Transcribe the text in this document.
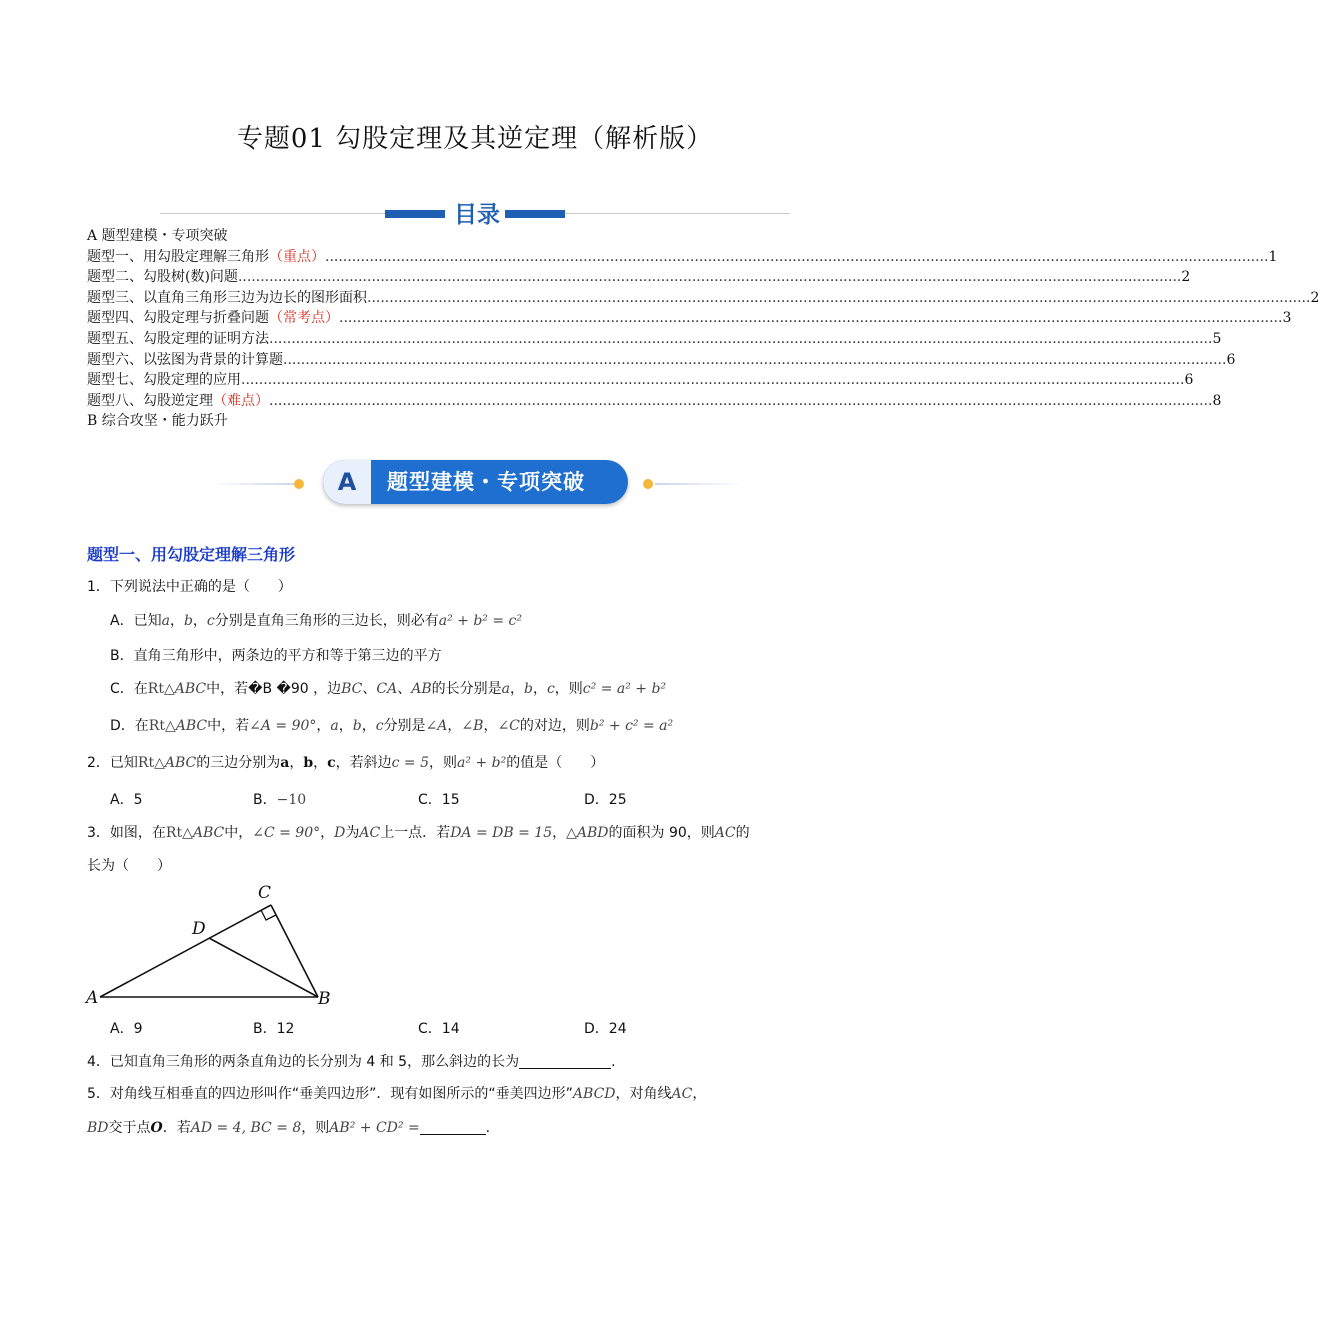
专题01 勾股定理及其逆定理（解析版）
目录
A 题型建模・专项突破
题型一、用勾股定理解三角形 （重点） .................................................................................................................................................................................................................... 1
题型二、勾股树(数)问题 .................................................................................................................................................................................................................... 2
题型三、以直角三角形三边为边长的图形面积 .................................................................................................................................................................................................................... 2
题型四、勾股定理与折叠问题 （常考点） .................................................................................................................................................................................................................... 3
题型五、勾股定理的证明方法 .................................................................................................................................................................................................................... 5
题型六、以弦图为背景的计算题 .................................................................................................................................................................................................................... 6
题型七、勾股定理的应用 .................................................................................................................................................................................................................... 6
题型八、勾股逆定理 （难点） .................................................................................................................................................................................................................... 8
B 综合攻坚・能力跃升
A	题型建模・专项突破
题型一、用勾股定理解三角形
1．下列说法中正确的是（　　）
A．已知a，b，c分别是直角三角形的三边长，则必有a² + b² = c²
B．直角三角形中，两条边的平方和等于第三边的平方
C．在Rt△ABC中，若�B �90 ，边BC、CA、AB的长分别是a，b，c，则c² = a² + b²
D．在Rt△ABC中，若∠A = 90°，a，b，c分别是∠A，∠B，∠C的对边，则b² + c² = a²
2．已知Rt△ABC的三边分别为a，b，c，若斜边c = 5，则a² + b²的值是（　　）
A．5	B．−10	C．15	D．25
3．如图，在Rt△ABC中，∠C = 90°，D为AC上一点．若DA = DB = 15，△ABD的面积为 90，则AC的
长为（　　）
A	B
C
D
A．9	B．12	C．14	D．24
4．已知直角三角形的两条直角边的长分别为 4 和 5，那么斜边的长为	.
5．对角线互相垂直的四边形叫作“垂美四边形”．现有如图所示的“垂美四边形”ABCD，对角线AC，
BD交于点O．若AD = 4, BC = 8，则AB² + CD² =	.
